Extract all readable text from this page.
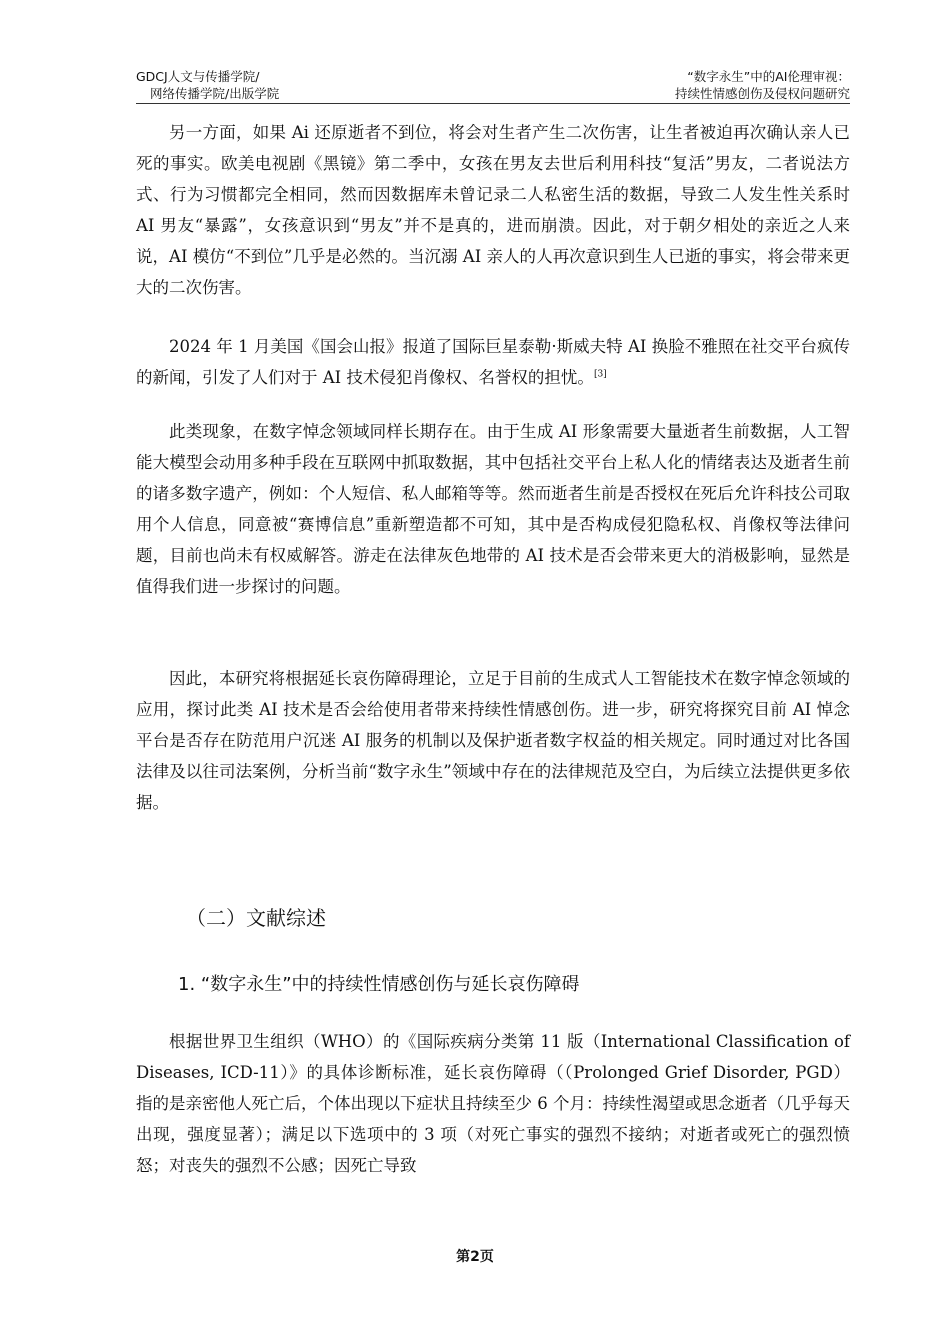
GDCJ人文与传播学院/
网络传播学院/出版学院
“数字永生”中的AI伦理审视：
持续性情感创伤及侵权问题研究

另一方面，如果 Ai 还原逝者不到位，将会对生者产生二次伤害，让生者被迫再次确认亲人已死的事实。欧美电视剧《黑镜》第二季中，女孩在男友去世后利用科技“复活”男友，二者说法方式、行为习惯都完全相同，然而因数据库未曾记录二人私密生活的数据，导致二人发生性关系时 AI 男友“暴露”，女孩意识到“男友”并不是真的，进而崩溃。因此，对于朝夕相处的亲近之人来说，AI 模仿“不到位”几乎是必然的。当沉溺 AI 亲人的人再次意识到生人已逝的事实，将会带来更大的二次伤害。

2024 年 1 月美国《国会山报》报道了国际巨星泰勒·斯威夫特 AI 换脸不雅照在社交平台疯传的新闻，引发了人们对于 AI 技术侵犯肖像权、名誉权的担忧。[3]

此类现象，在数字悼念领域同样长期存在。由于生成 AI 形象需要大量逝者生前数据，人工智能大模型会动用多种手段在互联网中抓取数据，其中包括社交平台上私人化的情绪表达及逝者生前的诸多数字遗产，例如：个人短信、私人邮箱等等。然而逝者生前是否授权在死后允许科技公司取用个人信息，同意被“赛博信息”重新塑造都不可知，其中是否构成侵犯隐私权、肖像权等法律问题，目前也尚未有权威解答。游走在法律灰色地带的 AI 技术是否会带来更大的消极影响，显然是值得我们进一步探讨的问题。

因此，本研究将根据延长哀伤障碍理论，立足于目前的生成式人工智能技术在数字悼念领域的应用，探讨此类 AI 技术是否会给使用者带来持续性情感创伤。进一步，研究将探究目前 AI 悼念平台是否存在防范用户沉迷 AI 服务的机制以及保护逝者数字权益的相关规定。同时通过对比各国法律及以往司法案例，分析当前“数字永生”领域中存在的法律规范及空白，为后续立法提供更多依据。

（二）文献综述
1. “数字永生”中的持续性情感创伤与延长哀伤障碍

根据世界卫生组织（WHO）的《国际疾病分类第 11 版（International Classification of Diseases, ICD-11）》的具体诊断标准，延长哀伤障碍（（Prolonged Grief Disorder, PGD）指的是亲密他人死亡后，个体出现以下症状且持续至少 6 个月：持续性渴望或思念逝者（几乎每天出现，强度显著）；满足以下选项中的 3 项（对死亡事实的强烈不接纳；对逝者或死亡的强烈愤怒；对丧失的强烈不公感；因死亡导致

第2页
